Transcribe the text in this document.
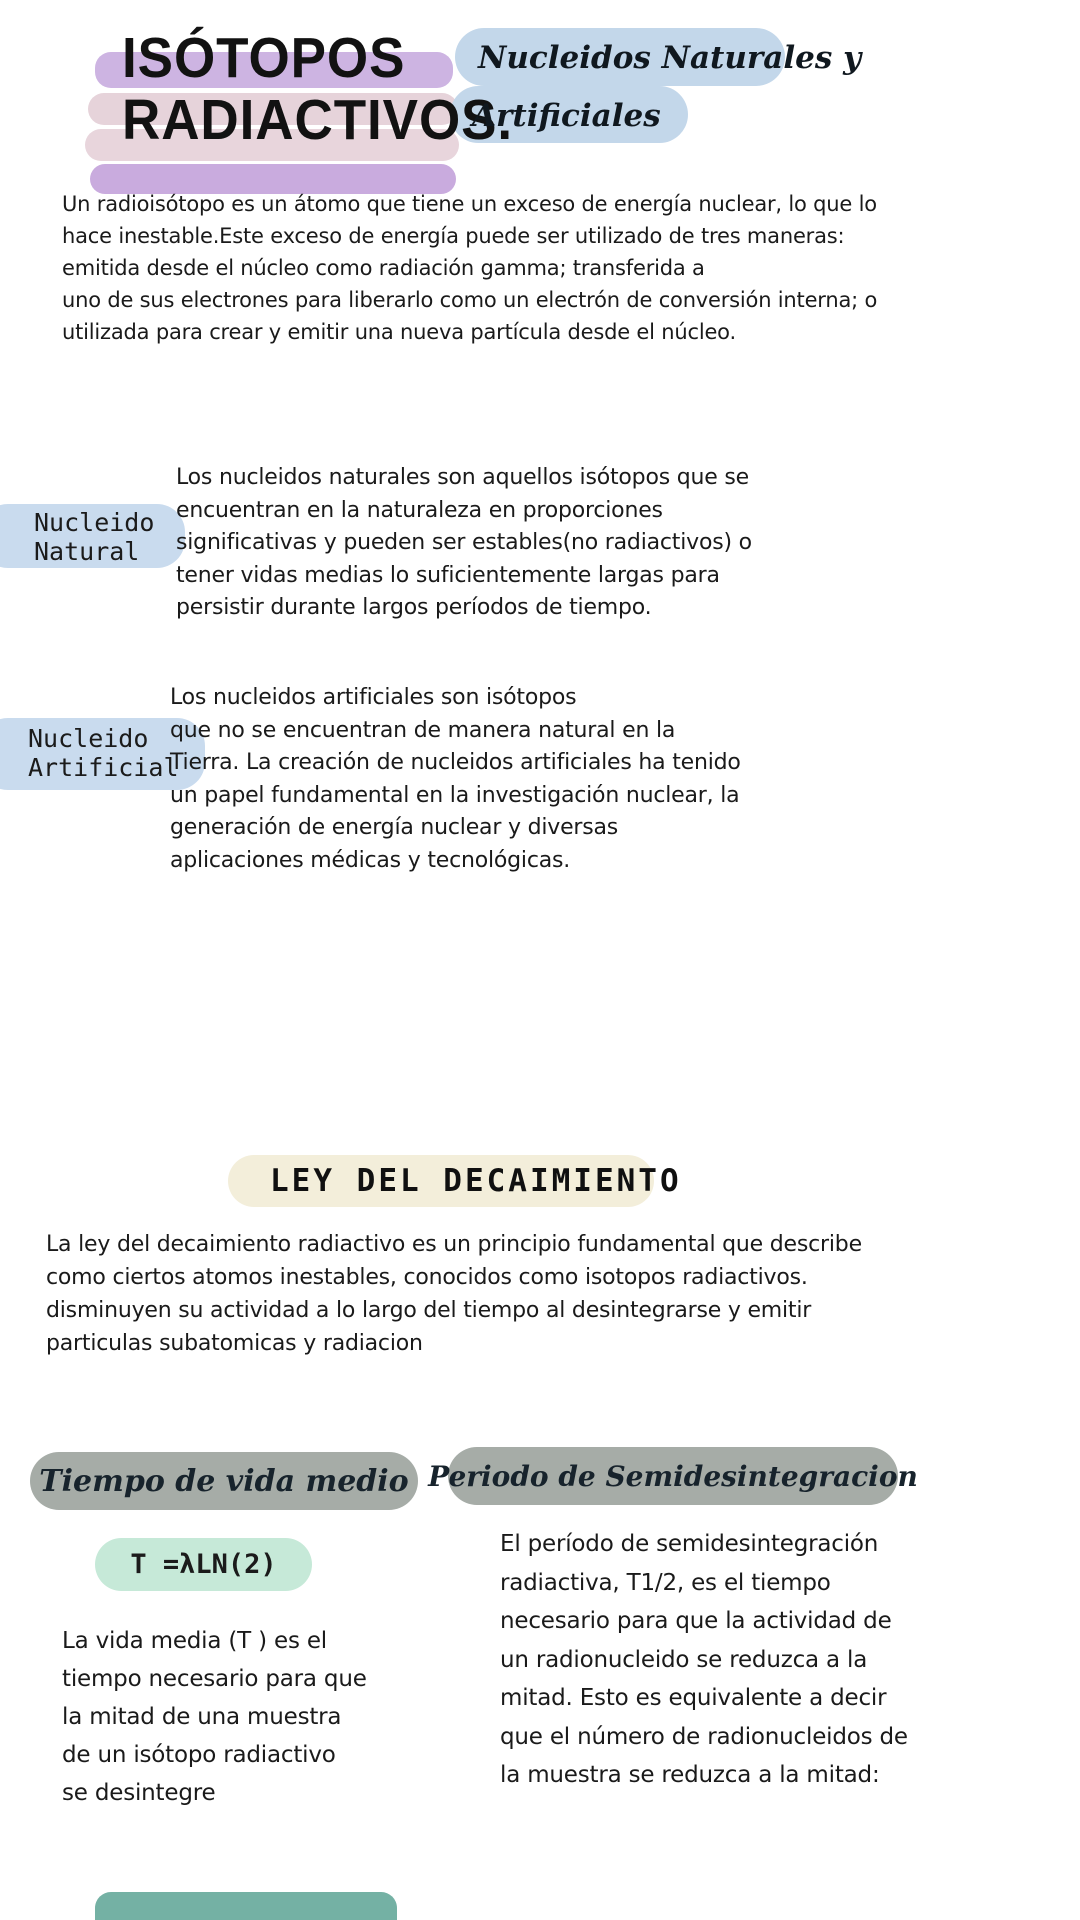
ISÓTOPOS
RADIACTIVOS.
Nucleidos Naturales y
Artificiales
Un radioisótopo es un átomo que tiene un exceso de energía nuclear, lo que lo
hace inestable.Este exceso de energía puede ser utilizado de tres maneras:
emitida desde el núcleo como radiación gamma; transferida a
uno de sus electrones para liberarlo como un electrón de conversión interna; o
utilizada para crear y emitir una nueva partícula desde el núcleo.
Nucleido
Natural
Los nucleidos naturales son aquellos isótopos que se
encuentran en la naturaleza en proporciones
significativas y pueden ser estables(no radiactivos) o
tener vidas medias lo suficientemente largas para
persistir durante largos períodos de tiempo.
Nucleido
Artificial
Los nucleidos artificiales son isótopos
que no se encuentran de manera natural en la
Tierra. La creación de nucleidos artificiales ha tenido
un papel fundamental en la investigación nuclear, la
generación de energía nuclear y diversas
aplicaciones médicas y tecnológicas.
LEY DEL DECAIMIENTO
La ley del decaimiento radiactivo es un principio fundamental que describe
como ciertos atomos inestables, conocidos como isotopos radiactivos.
disminuyen su actividad a lo largo del tiempo al desintegrarse y emitir
particulas subatomicas y radiacion
Tiempo de vida medio
T =λLN(2)
La vida media (T ) es el
tiempo necesario para que
la mitad de una muestra
de un isótopo radiactivo
se desintegre
Periodo de Semidesintegracion
El período de semidesintegración
radiactiva, T1/2, es el tiempo
necesario para que la actividad de
un radionucleido se reduzca a la
mitad. Esto es equivalente a decir
que el número de radionucleidos de
la muestra se reduzca a la mitad:
